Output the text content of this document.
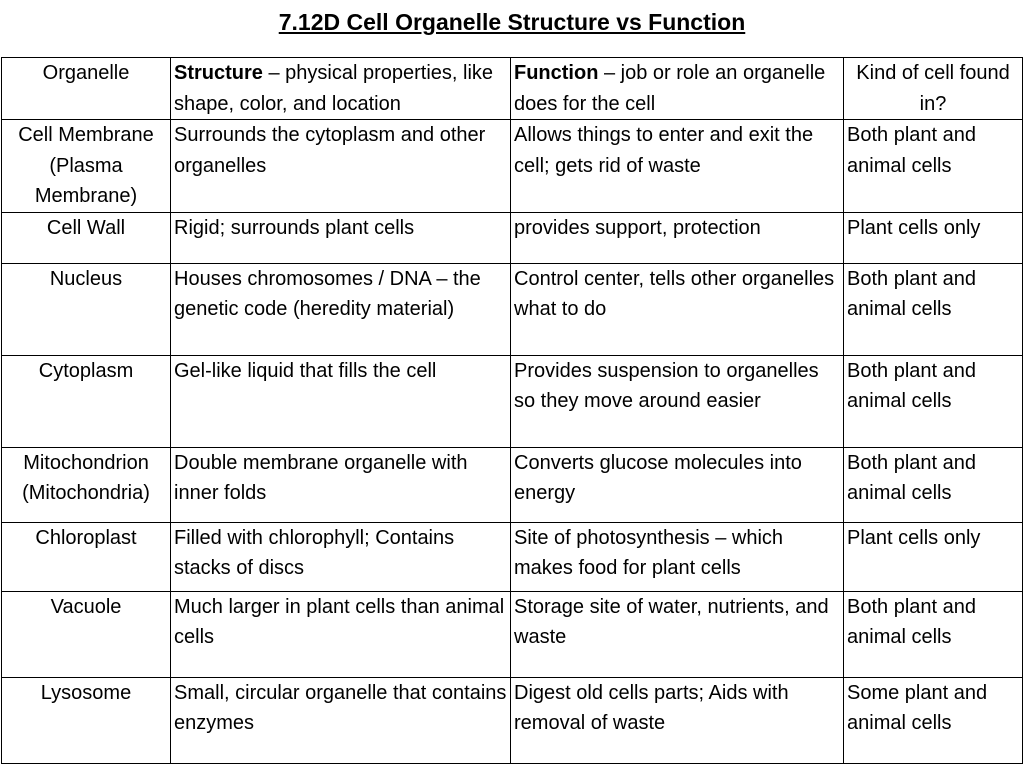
7.12D Cell Organelle Structure vs Function
Organelle	Structure – physical properties, like shape, color, and location	Function – job or role an organelle does for the cell	Kind of cell found in?
Cell Membrane (Plasma Membrane)	Surrounds the cytoplasm and other organelles	Allows things to enter and exit the cell; gets rid of waste	Both plant and animal cells
Cell Wall	Rigid; surrounds plant cells	provides support, protection	Plant cells only
Nucleus	Houses chromosomes / DNA – the genetic code (heredity material)	Control center, tells other organelles what to do	Both plant and animal cells
Cytoplasm	Gel-like liquid that fills the cell	Provides suspension to organelles so they move around easier	Both plant and animal cells
Mitochondrion (Mitochondria)	Double membrane organelle with inner folds	Converts glucose molecules into energy	Both plant and animal cells
Chloroplast	Filled with chlorophyll; Contains stacks of discs	Site of photosynthesis – which makes food for plant cells	Plant cells only
Vacuole	Much larger in plant cells than animal cells	Storage site of water, nutrients, and waste	Both plant and animal cells
Lysosome	Small, circular organelle that contains enzymes	Digest old cells parts; Aids with removal of waste	Some plant and animal cells
